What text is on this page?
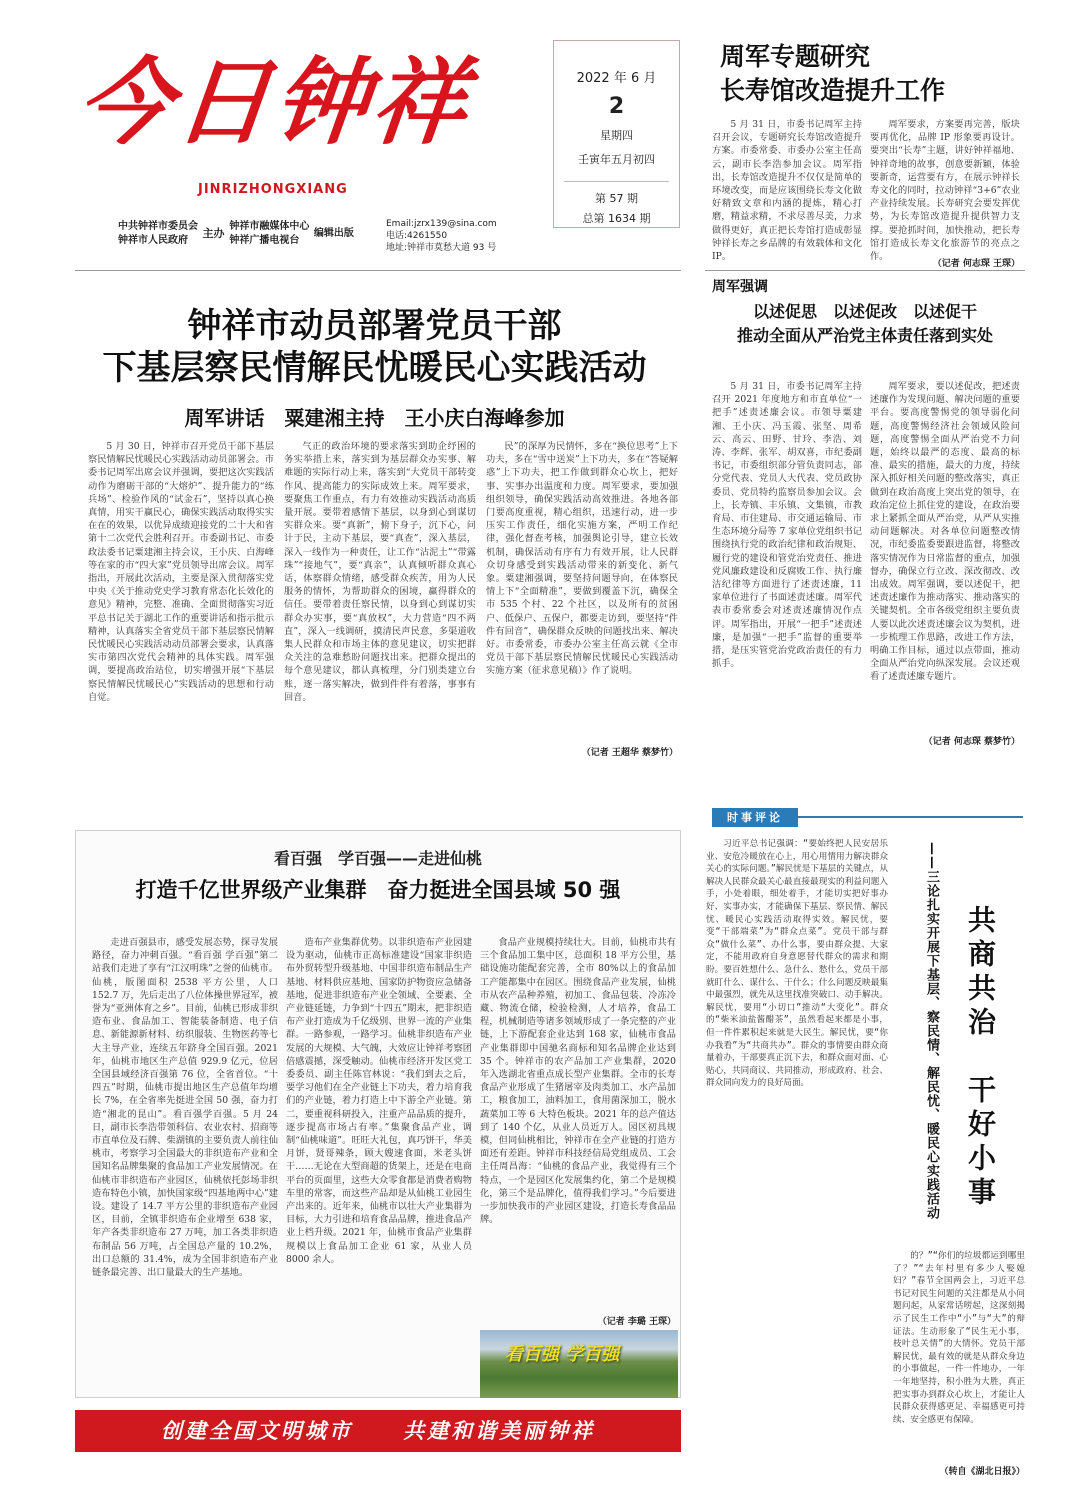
今日钟祥
JINRIZHONGXIANG
中共钟祥市委员会
钟祥市人民政府
主办
钟祥市融媒体中心
钟祥广播电视台
编辑出版
Email:jzrx139@sina.com
电话:4261550
地址:钟祥市莫愁大道 93 号
2022 年 6 月
2
星期四
壬寅年五月初四
第 57 期
总第 1634 期
钟祥市动员部署党员干部
下基层察民情解民忧暖民心实践活动
周军讲话　粟建湘主持　王小庆白海峰参加

5 月 30 日，钟祥市召开党员干部下基层察民情解民忧暖民心实践活动动员部署会。市委书记周军出席会议并强调，要把这次实践活动作为磨砺干部的“大熔炉”、提升能力的“练兵场”、检验作风的“试金石”，坚持以真心换真情，用实干赢民心，确保实践活动取得实实在在的效果，以优异成绩迎接党的二十大和省第十二次党代会胜利召开。市委副书记、市委政法委书记粟建湘主持会议，王小庆、白海峰等在家的市“四大家”党员领导出席会议。周军指出，开展此次活动，主要是深入贯彻落实党中央《关于推动党史学习教育常态化长效化的意见》精神，完整、准确、全面贯彻落实习近平总书记关于湖北工作的重要讲话和指示批示精神，认真落实全省党员干部下基层察民情解民忧暖民心实践活动动员部署会要求，认真落实市第四次党代会精神的具体实践。周军强调，要提高政治站位，切实增强开展“下基层察民情解民忧暖民心”实践活动的思想和行动自觉。

气正的政治环境的要求落实到助企纾困的务实举措上来，落实到为基层群众办实事、解难题的实际行动上来，落实到“大党员干部转变作风、提高能力的实际成效上来。周军要求，要聚焦工作重点，有力有效推动实践活动高质量开展。要带着感情下基层，以身到心到谋切实群众来。要“真新”，俯下身子，沉下心，问计于民，主动下基层，要“真查”，深入基层，深入一线作为一种责任，让工作“沾泥土”“带露珠”“接地气”，要“真亲”，认真倾听群众真心话，体察群众情绪，感受群众疾苦，用为人民服务的情怀，为帮助群众的困境，赢得群众的信任。要带着责任察民情，以身到心到谋切实群众办实事，要“真放权”，大力营造“四不两直”，深入一线调研，摸清民声民意，多渠道收集人民群众和市场主体的意见建议，切实把群众关注的急难愁盼问题找出来。把群众提出的每个意见建议，都认真梳理，分门别类建立台账，逐一落实解决，做到件件有着落，事事有回音。

民”的深厚为民情怀，多在“换位思考”上下功夫，多在“雪中送炭”上下功夫，多在“答疑解惑”上下功夫，把工作做到群众心坎上，把好事、实事办出温度和力度。周军要求，要加强组织领导，确保实践活动高效推进。各地各部门要高度重视，精心组织，迅速行动，进一步压实工作责任，细化实施方案，严明工作纪律，强化督查考核，加强舆论引导，建立长效机制，确保活动有序有力有效开展，让人民群众切身感受到实践活动带来的新变化、新气象。粟建湘强调，要坚持问题导向，在体察民情上下“全面精准”，要做到覆盖下沉，确保全市 535 个村、22 个社区，以及所有的贫困户、低保户、五保户，都要走访到，要坚持“件件有回音”，确保群众反映的问题找出来、解决好。市委常委，市委办公室主任高云就《全市党员干部下基层察民情解民忧暖民心实践活动实施方案（征求意见稿）》作了说明。

（记者 王超华 蔡梦竹）
周军专题研究
长寿馆改造提升工作

5 月 31 日，市委书记周军主持召开会议，专题研究长寿馆改造提升方案。市委常委、市委办公室主任高云，副市长李浩参加会议。周军指出，长寿馆改造提升不仅仅是简单的环境改变，而是应该围绕长寿文化做好精致文章和内涵的提炼，精心打磨，精益求精，不求尽善尽美，力求做得更好，真正把长寿馆打造成彰显钟祥长寿之乡品牌的有效载体和文化 IP。

周军要求，方案要再完善，版块要再优化，品牌 IP 形象要再设计。要突出“长寿”主题，讲好钟祥福地、钟祥奇地的故事，创意要新颖，体验要新奇，运营要有方，在展示钟祥长寿文化的同时，拉动钟祥“3+6”农业产业持续发展。长寿研究会要发挥优势，为长寿馆改造提升提供智力支撑。要抢抓时间，加快推动，把长寿馆打造成长寿文化旅游节的亮点之作。

（记者 何志琛 王琛）
周军强调
以述促思　以述促改　以述促干
推动全面从严治党主体责任落到实处

5 月 31 日，市委书记周军主持召开 2021 年度地方和市直单位“一把手”述责述廉会议。市领导粟建湘、王小庆、冯玉霞、张坚、周希云、高云、田野、甘玲、李浩、刘涛、李辉、张军、胡双喜，市纪委副书记，市委组织部分管负责同志，部分党代表、党员人大代表、党员政协委员、党员特约监察员参加会议。会上，长寿镇、丰乐镇、文集镇，市教育局、市住建局、市交通运输局、市生态环境分局等 7 家单位党组织书记围绕执行党的政治纪律和政治规矩、履行党的建设和管党治党责任、推进党风廉政建设和反腐败工作、执行廉洁纪律等方面进行了述责述廉，11 家单位进行了书面述责述廉。周军代表市委常委会对述责述廉情况作点评。周军指出，开展“一把手”述责述廉，是加强“一把手”监督的重要举措，是压实管党治党政治责任的有力抓手。

周军要求，要以述促改，把述责述廉作为发现问题、解决问题的重要平台。要高度警惕党的领导弱化问题，高度警惕经济社会领域风险问题，高度警惕全面从严治党不力问题，始终以最严的态度、最高的标准、最实的措施，最大的力度，持续深入抓好相关问题的整改落实，真正做到在政治高度上突出党的领导，在政治定位上抓住党的建设，在政治要求上紧抓全面从严治党，从严从实推动问题解决。对各单位问题整改情况，市纪委监委要跟进监督，将整改落实情况作为日常监督的重点，加强督办，确保立行立改、深改彻改、改出成效。周军强调，要以述促干，把述责述廉作为推动落实、推动落实的关键契机。全市各级党组织主要负责人要以此次述责述廉会议为契机，进一步梳理工作思路，改进工作方法，明确工作目标，通过以点带面，推动全面从严治党向纵深发展。会议还观看了述责述廉专题片。

（记者 何志琛 蔡梦竹）
看百强　学百强——走进仙桃
打造千亿世界级产业集群　奋力挺进全国县域 50 强

走进百强县市，感受发展态势，探寻发展路径，奋力冲刺百强。“看百强 学百强”第二站我们走进了享有“江汉明珠”之誉的仙桃市。仙桃，版图面积 2538 平方公里，人口 152.7 万，先后走出了八位体操世界冠军，被誉为“亚洲体育之乡”。目前，仙桃已形成非织造布业、食品加工、智能装备制造、电子信息、新能源新材料、纺织服装、生物医药等七大主导产业，连续五年跻身全国百强。2021 年，仙桃市地区生产总值 929.9 亿元，位居全国县域经济百强第 76 位，全省首位。“十四五”时期，仙桃市提出地区生产总值年均增长 7%，在全省率先挺进全国 50 强，奋力打造“湘北的昆山”。看百强学百强。5 月 24 日，副市长李浩带领科信、农业农村、招商等市直单位及石牌、柴湖镇的主要负责人前往仙桃市，考察学习全国最大的非织造布产业和全国知名品牌集聚的食品加工产业发展情况。在仙桃市非织造布产业园区，仙桃依托彭场非织造布特色小镇，加快国家级“四基地两中心”建设。建设了 14.7 平方公里的非织造布产业园区，目前，全镇非织造布企业增至 638 家，年产各类非织造布 27 万吨，加工各类非织造布制品 56 万吨，占全国总产量的 10.2%，出口总额的 31.4%，成为全国非织造布产业链条最完善、出口量最大的生产基地。

造布产业集群优势。以非织造布产业园建设为驱动，仙桃市正高标准建设“国家非织造布外贸转型升级基地、中国非织造布制品生产基地、材料供应基地、国家防护物资应急储备基地，促进非织造布产业全领域、全要素、全产业链延链，力争到“十四五”期末，把非织造布产业打造成为千亿级别、世界一流的产业集群。一路参观，一路学习。仙桃非织造布产业发展的大规模、大气魄，大效应让钟祥考察团倍感震撼，深受触动。仙桃市经济开发区党工委委员、副主任陈官林说：“我们到去之后，要学习他们在全产业链上下功夫，着力培育我们的产业链，着力打造上中下游全产业链。第二，要重视科研投入，注重产品品质的提升，逐步提高市场占有率。”集聚食品产业，调制“仙桃味道”。旺旺大礼包，真巧饼干，华美月饼，贤哥辣条，顾大嫂速食面，米老头饼干……无论在大型商超的货架上，还是在电商平台的页面里，这些大众零食都是消费者购物车里的常客，而这些产品却是从仙桃工业园生产出来的。近年来，仙桃市以壮大产业集群为目标，大力引进和培育食品品牌，推进食品产业上档升级。2021 年，仙桃市食品产业集群规模以上食品加工企业 61 家，从业人员 8000 余人。

食品产业规模持续壮大。目前，仙桃市共有三个食品加工集中区，总面积 18 平方公里，基础设施功能配套完善，全市 80%以上的食品加工产能都集中在园区。围绕食品产业发展，仙桃市从农产品种养殖，初加工、食品包装、冷冻冷藏、物流仓储，检验检测，人才培养，食品工程，机械制造等诸多领域形成了一条完整的产业链，上下游配套企业达到 168 家，仙桃市食品产业集群即中国驰名商标和知名品牌企业达到 35 个。钟祥市的农产品加工产业集群，2020 年入选湖北省重点成长型产业集群。全市的长寿食品产业形成了生猪屠宰及肉类加工、水产品加工，粮食加工，油料加工，食用菌深加工，脱水蔬菜加工等 6 大特色板块。2021 年的总产值达到了 140 个亿，从业人员近万人。园区初具规模，但同仙桃相比，钟祥市在全产业链的打造方面还有差距。钟祥市科技经信局党组成员、工会主任周昌海：“仙桃的食品产业，我觉得有三个特点，一个是园区化发展集约化，第二个是规模化，第三个是品牌化，值得我们学习。”今后要进一步加快我市的产业园区建设，打造长寿食品品牌。

（记者 李璐 王琛）
看百强 学百强
创建全国文明城市 共建和谐美丽钟祥
时事评论

习近平总书记强调：“要始终把人民安居乐业、安危冷暖放在心上，用心用情用力解决群众关心的实际问题。”解民忧是下基层的关键点，从解决人民群众最关心最直接最现实的利益问题入手，小处着眼，细处着手，才能切实把好事办好、实事办实，才能确保下基层、察民情、解民忧、暖民心实践活动取得实效。解民忧，要变“干部端菜”为“群众点菜”。党员干部与群众“做什么菜”、办什么事，要由群众提、大家定，不能用政府自身意愿替代群众的需求和期盼。要百姓想什么、急什么、愁什么，党员干部就盯什么、谋什么、干什么；什么问题反映最集中最强烈，就先从这里找准突破口、动手解决。解民忧，要用“小切口”推动“大变化”。群众的“柴米油盐酱醋茶”，虽然看起来都是小事，但一件件累积起来就是大民生。解民忧，要“你办我看”为“共商共办”。群众的事情要由群众商量着办，干部要真正沉下去，和群众面对面、心贴心，共同商议、共同推动，形成政府、社会、群众同向发力的良好局面。	共商共治　干好小事
——三论扎实开展下基层、察民情、解民忧、暖民心实践活动

的？”“你们的垃圾都运到哪里了？”“去年村里有多少人娶媳妇？”春节全国两会上，习近平总书记对民生问题的关注都是从小问题问起，从家常话唠起，这深刻揭示了民生工作中“小”与“大”的辩证法。生动形象了“民生无小事，枝叶总关情”的大情怀。党员干部解民忧，最有效的就是从群众身边的小事做起，一件一件地办，一年一年地坚持，积小胜为大胜，真正把实事办到群众心坎上，才能让人民群众获得感更足、幸福感更可持续、安全感更有保障。

（转自《湖北日报》）
